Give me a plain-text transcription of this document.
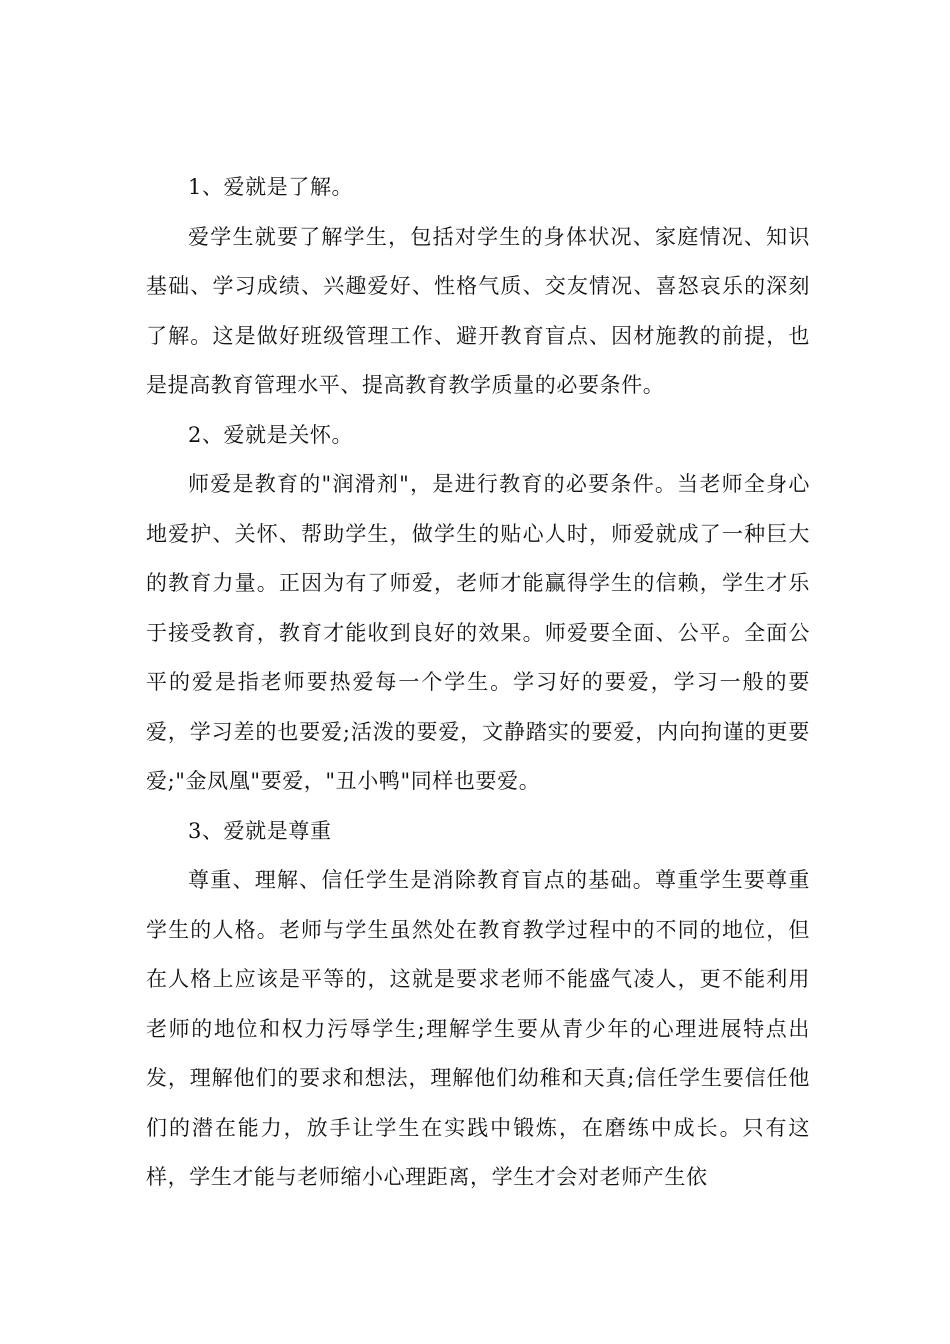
1、爱就是了解。

爱学生就要了解学生，包括对学生的身体状况、家庭情况、知识基础、学习成绩、兴趣爱好、性格气质、交友情况、喜怒哀乐的深刻了解。这是做好班级管理工作、避开教育盲点、因材施教的前提，也是提高教育管理水平、提高教育教学质量的必要条件。

2、爱就是关怀。

师爱是教育的"润滑剂"，是进行教育的必要条件。当老师全身心地爱护、关怀、帮助学生，做学生的贴心人时，师爱就成了一种巨大的教育力量。正因为有了师爱，老师才能赢得学生的信赖，学生才乐于接受教育，教育才能收到良好的效果。师爱要全面、公平。全面公平的爱是指老师要热爱每一个学生。学习好的要爱，学习一般的要爱，学习差的也要爱;活泼的要爱，文静踏实的要爱，内向拘谨的更要爱;"金凤凰"要爱，"丑小鸭"同样也要爱。

3、爱就是尊重

尊重、理解、信任学生是消除教育盲点的基础。尊重学生要尊重学生的人格。老师与学生虽然处在教育教学过程中的不同的地位，但在人格上应该是平等的，这就是要求老师不能盛气凌人，更不能利用老师的地位和权力污辱学生;理解学生要从青少年的心理进展特点出发，理解他们的要求和想法，理解他们幼稚和天真;信任学生要信任他们的潜在能力，放手让学生在实践中锻炼，在磨练中成长。只有这样，学生才能与老师缩小心理距离，学生才会对老师产生依
